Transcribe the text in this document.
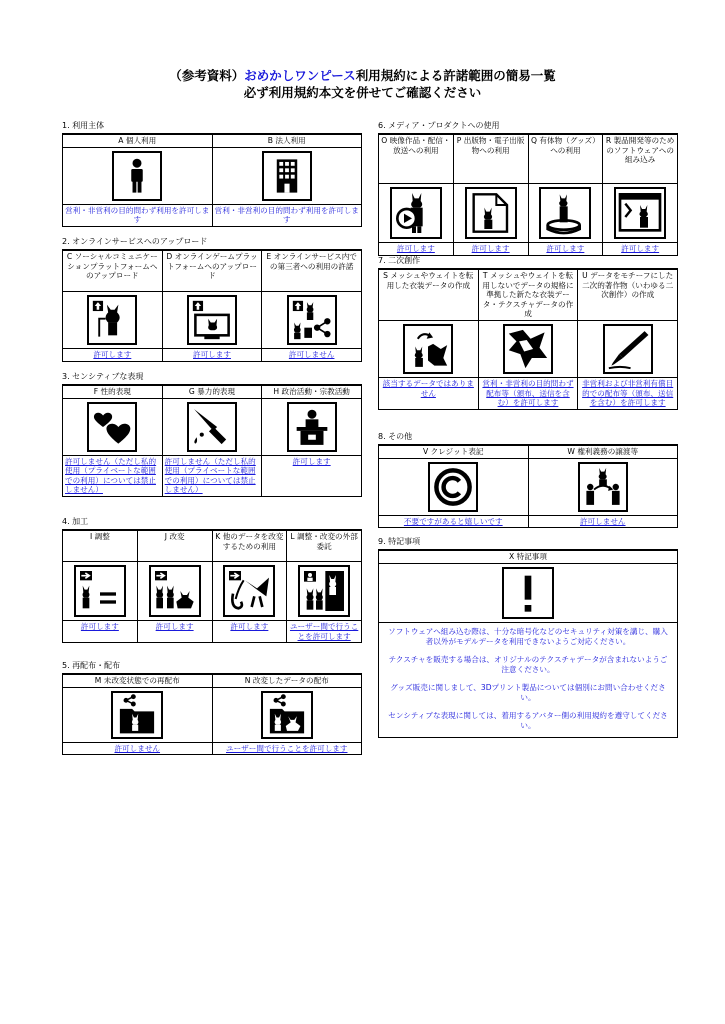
（参考資料）おめかしワンピース利用規約による許諾範囲の簡易一覧
必ず利用規約本文を併せてご確認ください
1. 利用主体
A 個人利用	B 法人利用

営利・非営利の目的問わず利用を許可します	営利・非営利の目的問わず利用を許可します
2. オンラインサービスへのアップロード
C ソーシャルコミュニケーションプラットフォームへのアップロード	D オンラインゲームプラットフォームへのアップロード	E オンラインサービス内での第三者への利用の許諾

許可します	許可します	許可しません
3. センシティブな表現
F 性的表現	G 暴力的表現	H 政治活動・宗教活動

許可しません（ただし私的使用（プライベートな範囲での利用）については禁止しません）	許可しません（ただし私的使用（プライベートな範囲での利用）については禁止しません）	許可します
4. 加工
I 調整	J 改変	K 他のデータを改変するための利用	L 調整・改変の外部委託

許可します	許可します	許可します	ユーザー間で行うことを許可します
5. 再配布・配布
M 未改変状態での再配布	N 改変したデータの配布

許可しません	ユーザー間で行うことを許可します
6. メディア・プロダクトへの使用
O 映像作品・配信・放送への利用	P 出版物・電子出版物への利用	Q 有体物（グッズ）への利用	R 製品開発等のためのソフトウェアへの組み込み

許可します	許可します	許可します	許可します
7. 二次創作
S メッシュやウェイトを転用した衣装データの作成	T メッシュやウェイトを転用しないでデータの規格に準拠した新たな衣装データ・テクスチャデータの作成	U データをモチーフにした二次的著作物（いわゆる二次創作）の作成

該当するデータではありません	営利・非営利の目的問わず配布等（頒布、送信を含む）を許可します	非営利および非営利有償目的での配布等（頒布、送信を含む）を許可します
8. その他
V クレジット表記	W 権利義務の譲渡等

不要ですがあると嬉しいです	許可しません
9. 特記事項
X 特記事項

ソフトウェアへ組み込む際は、十分な暗号化などのセキュリティ対策を講じ、購入者以外がモデルデータを利用できないようご対応ください。

テクスチャを販売する場合は、オリジナルのテクスチャデータが含まれないようご注意ください。

グッズ販売に関しまして、3Dプリント製品については個別にお問い合わせください。

センシティブな表現に関しては、着用するアバター側の利用規約を遵守してください。
